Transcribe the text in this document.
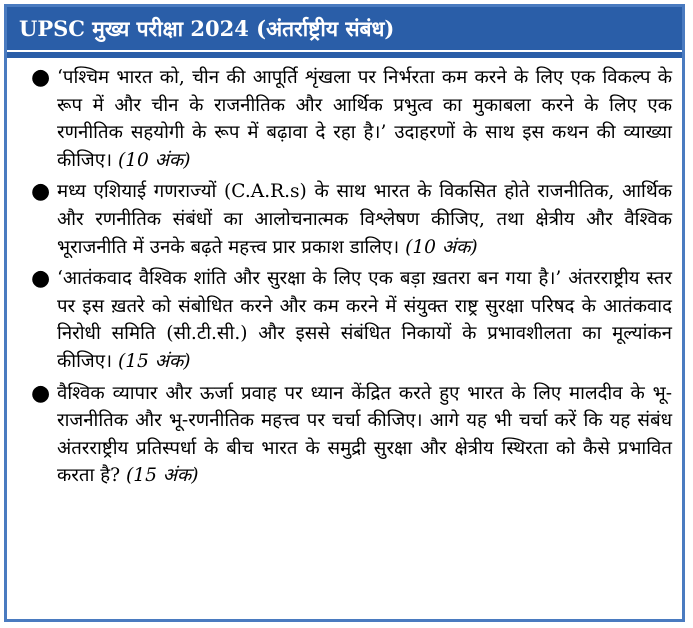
UPSC मुख्य परीक्षा 2024 (अंतर्राष्ट्रीय संबंध)
● ‘पश्चिम भारत को, चीन की आपूर्ति शृंखला पर निर्भरता कम करने के लिए एक विकल्प के रूप में और चीन के राजनीतिक और आर्थिक प्रभुत्व का मुकाबला करने के लिए एक रणनीतिक सहयोगी के रूप में बढ़ावा दे रहा है।’ उदाहरणों के साथ इस कथन की व्याख्या कीजिए। (10 अंक)
● मध्य एशियाई गणराज्यों (C.A.R.s) के साथ भारत के विकसित होते राजनीतिक, आर्थिक और रणनीतिक संबंधों का आलोचनात्मक विश्लेषण कीजिए, तथा क्षेत्रीय और वैश्विक भूराजनीति में उनके बढ़ते महत्त्व प्रार प्रकाश डालिए। (10 अंक)
● ‘आतंकवाद वैश्विक शांति और सुरक्षा के लिए एक बड़ा ख़तरा बन गया है।’ अंतरराष्ट्रीय स्तर पर इस ख़तरे को संबोधित करने और कम करने में संयुक्त राष्ट्र सुरक्षा परिषद के आतंकवाद निरोधी समिति (सी.टी.सी.) और इससे संबंधित निकायों के प्रभावशीलता का मूल्यांकन कीजिए। (15 अंक)
● वैश्विक व्यापार और ऊर्जा प्रवाह पर ध्यान केंद्रित करते हुए भारत के लिए मालदीव के भू-राजनीतिक और भू-रणनीतिक महत्त्व पर चर्चा कीजिए। आगे यह भी चर्चा करें कि यह संबंध अंतरराष्ट्रीय प्रतिस्पर्धा के बीच भारत के समुद्री सुरक्षा और क्षेत्रीय स्थिरता को कैसे प्रभावित करता है? (15 अंक)
